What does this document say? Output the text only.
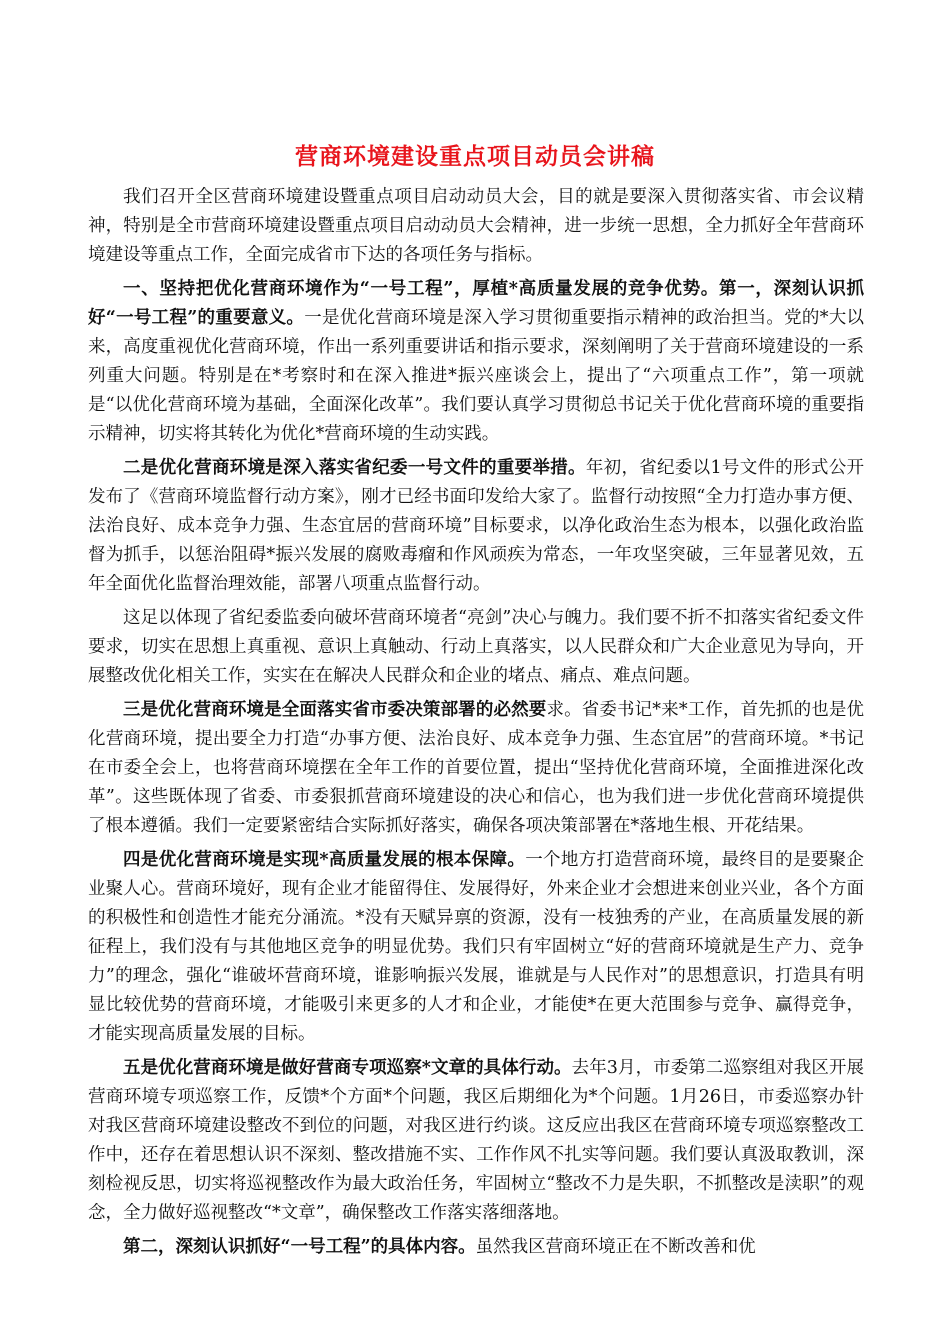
营商环境建设重点项目动员会讲稿

我们召开全区营商环境建设暨重点项目启动动员大会，目的就是要深入贯彻落实省、市会议精神，特别是全市营商环境建设暨重点项目启动动员大会精神，进一步统一思想，全力抓好全年营商环境建设等重点工作，全面完成省市下达的各项任务与指标。

一、坚持把优化营商环境作为“一号工程”，厚植*高质量发展的竞争优势。第一，深刻认识抓好“一号工程”的重要意义。一是优化营商环境是深入学习贯彻重要指示精神的政治担当。党的*大以来，高度重视优化营商环境，作出一系列重要讲话和指示要求，深刻阐明了关于营商环境建设的一系列重大问题。特别是在*考察时和在深入推进*振兴座谈会上，提出了“六项重点工作”，第一项就是“以优化营商环境为基础，全面深化改革”。我们要认真学习贯彻总书记关于优化营商环境的重要指示精神，切实将其转化为优化*营商环境的生动实践。

二是优化营商环境是深入落实省纪委一号文件的重要举措。年初，省纪委以1号文件的形式公开发布了《营商环境监督行动方案》，刚才已经书面印发给大家了。监督行动按照“全力打造办事方便、法治良好、成本竞争力强、生态宜居的营商环境”目标要求，以净化政治生态为根本，以强化政治监督为抓手，以惩治阻碍*振兴发展的腐败毒瘤和作风顽疾为常态，一年攻坚突破，三年显著见效，五年全面优化监督治理效能，部署八项重点监督行动。

这足以体现了省纪委监委向破坏营商环境者“亮剑”决心与魄力。我们要不折不扣落实省纪委文件要求，切实在思想上真重视、意识上真触动、行动上真落实，以人民群众和广大企业意见为导向，开展整改优化相关工作，实实在在解决人民群众和企业的堵点、痛点、难点问题。

三是优化营商环境是全面落实省市委决策部署的必然要求。省委书记*来*工作，首先抓的也是优化营商环境，提出要全力打造“办事方便、法治良好、成本竞争力强、生态宜居”的营商环境。*书记在市委全会上，也将营商环境摆在全年工作的首要位置，提出“坚持优化营商环境，全面推进深化改革”。这些既体现了省委、市委狠抓营商环境建设的决心和信心，也为我们进一步优化营商环境提供了根本遵循。我们一定要紧密结合实际抓好落实，确保各项决策部署在*落地生根、开花结果。

四是优化营商环境是实现*高质量发展的根本保障。一个地方打造营商环境，最终目的是要聚企业聚人心。营商环境好，现有企业才能留得住、发展得好，外来企业才会想进来创业兴业，各个方面的积极性和创造性才能充分涌流。*没有天赋异禀的资源，没有一枝独秀的产业，在高质量发展的新征程上，我们没有与其他地区竞争的明显优势。我们只有牢固树立“好的营商环境就是生产力、竞争力”的理念，强化“谁破坏营商环境，谁影响振兴发展，谁就是与人民作对”的思想意识，打造具有明显比较优势的营商环境，才能吸引来更多的人才和企业，才能使*在更大范围参与竞争、赢得竞争，才能实现高质量发展的目标。

五是优化营商环境是做好营商专项巡察*文章的具体行动。去年3月，市委第二巡察组对我区开展营商环境专项巡察工作，反馈*个方面*个问题，我区后期细化为*个问题。1月26日，市委巡察办针对我区营商环境建设整改不到位的问题，对我区进行约谈。这反应出我区在营商环境专项巡察整改工作中，还存在着思想认识不深刻、整改措施不实、工作作风不扎实等问题。我们要认真汲取教训，深刻检视反思，切实将巡视整改作为最大政治任务，牢固树立“整改不力是失职，不抓整改是渎职”的观念，全力做好巡视整改“*文章”，确保整改工作落实落细落地。

第二，深刻认识抓好“一号工程”的具体内容。虽然我区营商环境正在不断改善和优
